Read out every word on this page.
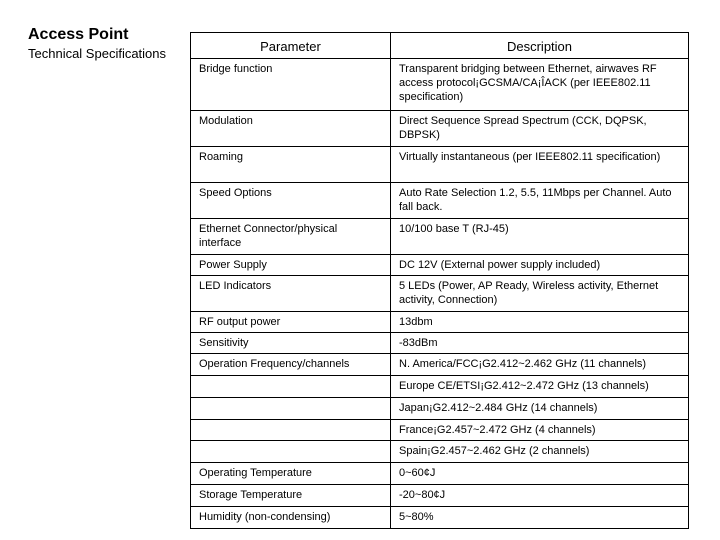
Access Point
Technical Specifications	Parameter	Description
Bridge function	Transparent bridging between Ethernet, airwaves RF access protocol¡GCSMA/CA¡ÎACK (per IEEE802.11 specification)
Modulation	Direct Sequence Spread Spectrum (CCK, DQPSK, DBPSK)
Roaming	Virtually instantaneous (per IEEE802.11 specification)
Speed Options	Auto Rate Selection 1.2, 5.5, 11Mbps per Channel. Auto fall back.
Ethernet Connector/physical interface	10/100 base T (RJ-45)
Power Supply	DC 12V (External power supply included)
LED Indicators	5 LEDs (Power, AP Ready, Wireless activity, Ethernet activity, Connection)
RF output power	13dbm
Sensitivity	-83dBm
Operation Frequency/channels	N. America/FCC¡G2.412~2.462 GHz (11 channels)
	Europe CE/ETSI¡G2.412~2.472 GHz (13 channels)
	Japan¡G2.412~2.484 GHz (14 channels)
	France¡G2.457~2.472 GHz (4 channels)
	Spain¡G2.457~2.462 GHz (2 channels)
Operating Temperature	0~60¢J
Storage Temperature	-20~80¢J
Humidity (non-condensing)	5~80%
